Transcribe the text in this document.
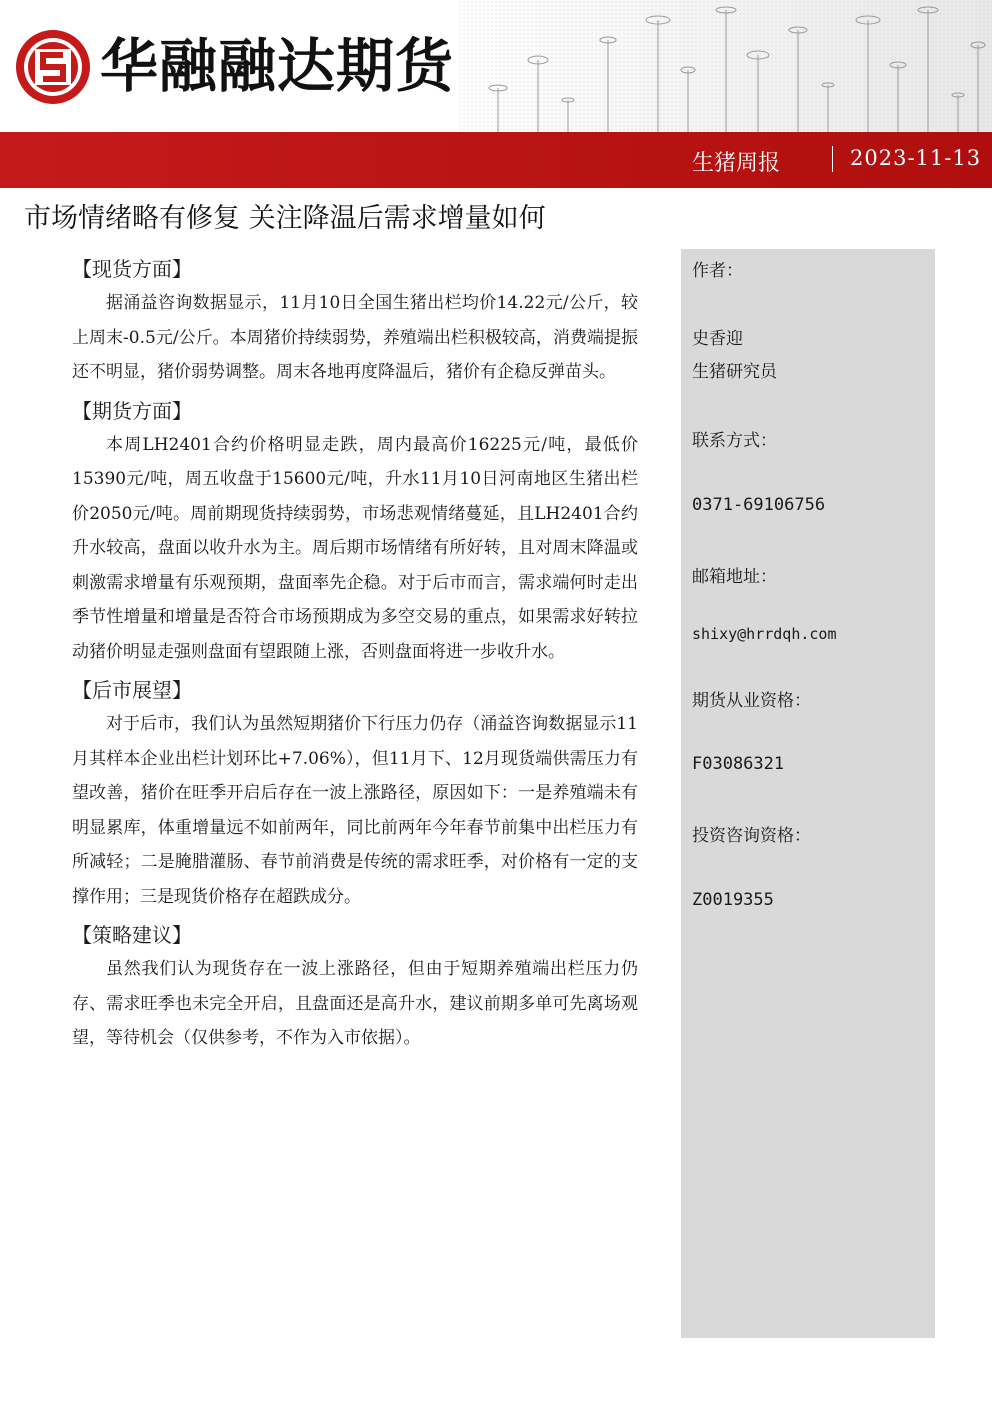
华融融达期货
生猪周报	2023-11-13
市场情绪略有修复 关注降温后需求增量如何
【现货方面】

据涌益咨询数据显示，11月10日全国生猪出栏均价14.22元/公斤，较上周末-0.5元/公斤。本周猪价持续弱势，养殖端出栏积极较高，消费端提振还不明显，猪价弱势调整。周末各地再度降温后，猪价有企稳反弹苗头。

【期货方面】

本周LH2401合约价格明显走跌，周内最高价16225元/吨，最低价15390元/吨，周五收盘于15600元/吨，升水11月10日河南地区生猪出栏价2050元/吨。周前期现货持续弱势，市场悲观情绪蔓延，且LH2401合约升水较高，盘面以收升水为主。周后期市场情绪有所好转，且对周末降温或刺激需求增量有乐观预期，盘面率先企稳。对于后市而言，需求端何时走出季节性增量和增量是否符合市场预期成为多空交易的重点，如果需求好转拉动猪价明显走强则盘面有望跟随上涨，否则盘面将进一步收升水。

【后市展望】

对于后市，我们认为虽然短期猪价下行压力仍存（涌益咨询数据显示11月其样本企业出栏计划环比+7.06%），但11月下、12月现货端供需压力有望改善，猪价在旺季开启后存在一波上涨路径，原因如下：一是养殖端未有明显累库，体重增量远不如前两年，同比前两年今年春节前集中出栏压力有所减轻；二是腌腊灌肠、春节前消费是传统的需求旺季，对价格有一定的支撑作用；三是现货价格存在超跌成分。

【策略建议】

虽然我们认为现货存在一波上涨路径，但由于短期养殖端出栏压力仍存、需求旺季也未完全开启，且盘面还是高升水，建议前期多单可先离场观望，等待机会（仅供参考，不作为入市依据）。

作者：
史香迎
生猪研究员
联系方式：
0371-69106756
邮箱地址：
shixy@hrrdqh.com
期货从业资格：
F03086321
投资咨询资格：
Z0019355
